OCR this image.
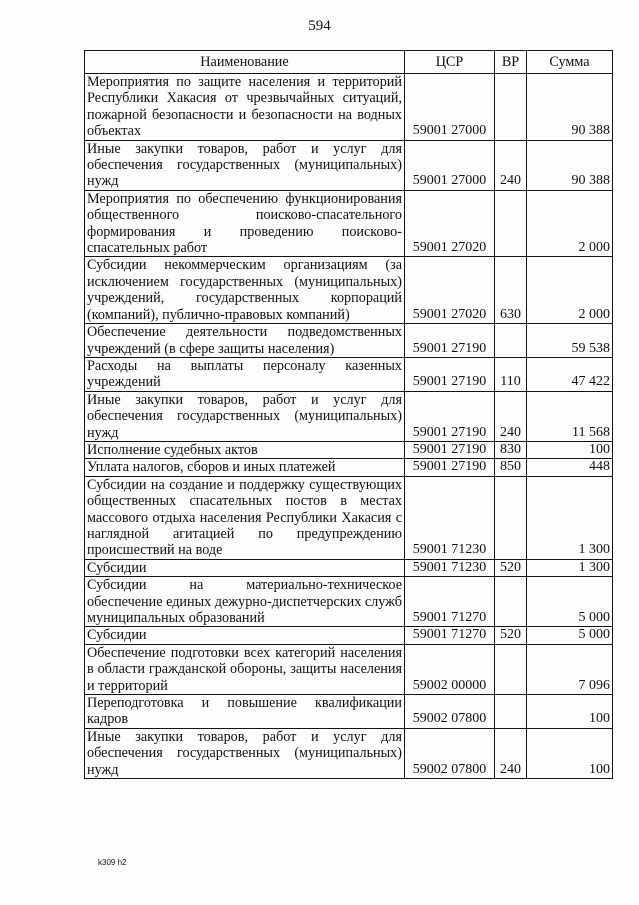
594
Наименование	ЦСР	ВР	Сумма
Мероприятия по защите населения и территорий Республики Хакасия от чрезвычайных ситуаций, пожарной безопасности и безопасности на водных объектах	59001 27000		90 388
Иные закупки товаров, работ и услуг для обеспечения государственных (муниципальных) нужд	59001 27000	240	90 388
Мероприятия по обеспечению функционирования общественного поисково-спасательного формирования и проведению поисково-спасательных работ	59001 27020		2 000
Субсидии некоммерческим организациям (за исключением государственных (муниципальных) учреждений, государственных корпораций (компаний), публично-правовых компаний)	59001 27020	630	2 000
Обеспечение деятельности подведомственных учреждений (в сфере защиты населения)	59001 27190		59 538
Расходы на выплаты персоналу казенных учреждений	59001 27190	110	47 422
Иные закупки товаров, работ и услуг для обеспечения государственных (муниципальных) нужд	59001 27190	240	11 568
Исполнение судебных актов	59001 27190	830	100
Уплата налогов, сборов и иных платежей	59001 27190	850	448
Субсидии на создание и поддержку существующих общественных спасательных постов в местах массового отдыха населения Республики Хакасия с наглядной агитацией по предупреждению происшествий на воде	59001 71230		1 300
Субсидии	59001 71230	520	1 300
Субсидии на материально-техническое обеспечение единых дежурно-диспетчерских служб муниципальных образований	59001 71270		5 000
Субсидии	59001 71270	520	5 000
Обеспечение подготовки всех категорий населения в области гражданской обороны, защиты населения и территорий	59002 00000		7 096
Переподготовка и повышение квалификации кадров	59002 07800		100
Иные закупки товаров, работ и услуг для обеспечения государственных (муниципальных) нужд	59002 07800	240	100
k309 h2
